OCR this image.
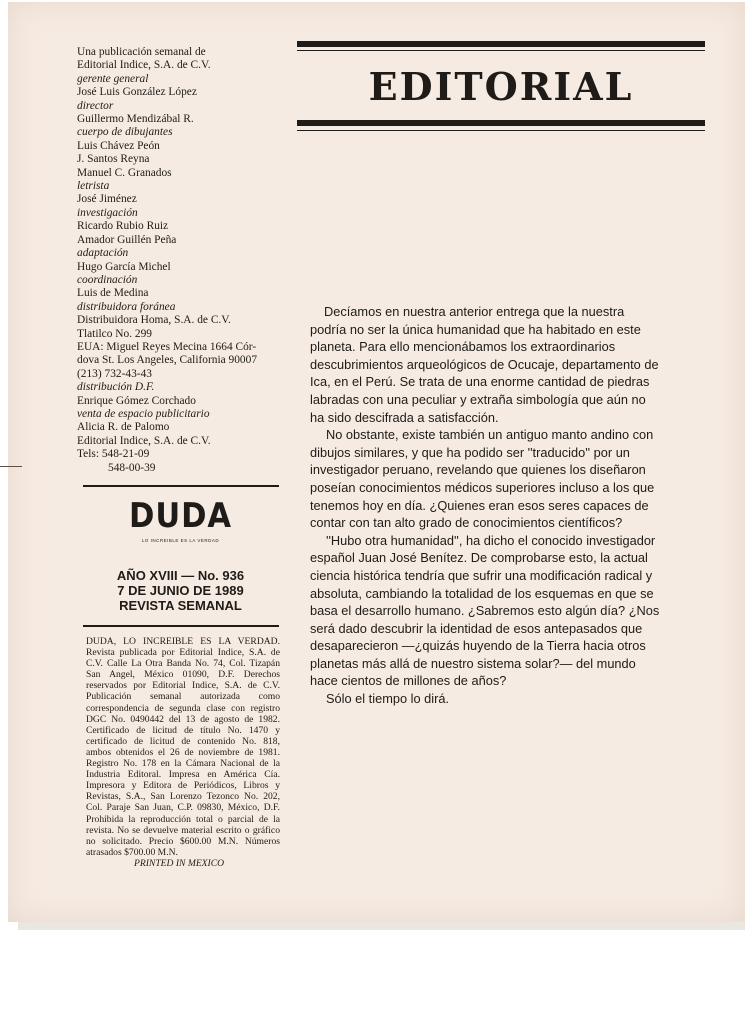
Una publicación semanal de
Editorial Indice, S.A. de C.V.
gerente general
José Luis González López
director
Guillermo Mendizábal R.
cuerpo de dibujantes
Luis Chávez Peón
J. Santos Reyna
Manuel C. Granados
letrista
José Jiménez
investigación
Ricardo Rubio Ruiz
Amador Guillén Peña
adaptación
Hugo García Michel
coordinación
Luis de Medina
distribuidora foránea
Distribuidora Homa, S.A. de C.V.
Tlatilco No. 299
EUA: Miguel Reyes Mecina 1664 Cór-
dova St. Los Angeles, California 90007
(213) 732-43-43
distribución D.F.
Enrique Gómez Corchado
venta de espacio publicitario
Alicia R. de Palomo
Editorial Indice, S.A. de C.V.
Tels: 548-21-09
548-00-39
DUDA
LO INCREIBLE ES LA VERDAD
AÑO XVIII — No. 936
7 DE JUNIO DE 1989
REVISTA SEMANAL
DUDA, LO INCREIBLE ES LA VERDAD. Revista publicada por Editorial Indice, S.A. de C.V. Calle La Otra Banda No. 74, Col. Tizapán San Angel, México 01090, D.F. Derechos reservados por Editorial Indice, S.A. de C.V. Publicación semanal autorizada como correspondencia de segunda clase con registro DGC No. 0490442 del 13 de agosto de 1982. Certificado de licitud de título No. 1470 y certificado de licitud de contenido No. 818, ambos obtenidos el 26 de noviembre de 1981. Registro No. 178 en la Cámara Nacional de la Industria Editoral. Impresa en América Cía. Impresora y Editora de Periódicos, Libros y Revistas, S.A., San Lorenzo Tezonco No. 202, Col. Paraje San Juan, C.P. 09830, México, D.F. Prohibida la reproducción total o parcial de la revista. No se devuelve material escrito o gráfico no solicitado. Precio $600.00 M.N. Números atrasados $700.00 M.N.
PRINTED IN MEXICO
EDITORIAL

Decíamos en nuestra anterior entrega que la nuestra podría no ser la única humanidad que ha habitado en este planeta. Para ello mencionábamos los extraordinarios descubrimientos arqueológicos de Ocucaje, departamento de Ica, en el Perú. Se trata de una enorme cantidad de piedras labradas con una peculiar y extraña simbología que aún no ha sido descifrada a satisfacción.

No obstante, existe también un antiguo manto andino con dibujos similares, y que ha podido ser ''traducido'' por un investigador peruano, revelando que quienes los diseñaron poseían conocimientos médicos superiores incluso a los que tenemos hoy en día. ¿Quienes eran esos seres capaces de contar con tan alto grado de conocimientos científicos?

''Hubo otra humanidad'', ha dicho el conocido investigador español Juan José Benítez. De comprobarse esto, la actual ciencia histórica tendría que sufrir una modificación radical y absoluta, cambiando la totalidad de los esquemas en que se basa el desarrollo humano. ¿Sabremos esto algún día? ¿Nos será dado descubrir la identidad de esos antepasados que desaparecieron —¿quizás huyendo de la Tierra hacia otros planetas más allá de nuestro sistema solar?— del mundo hace cientos de millones de años?

Sólo el tiempo lo dirá.
